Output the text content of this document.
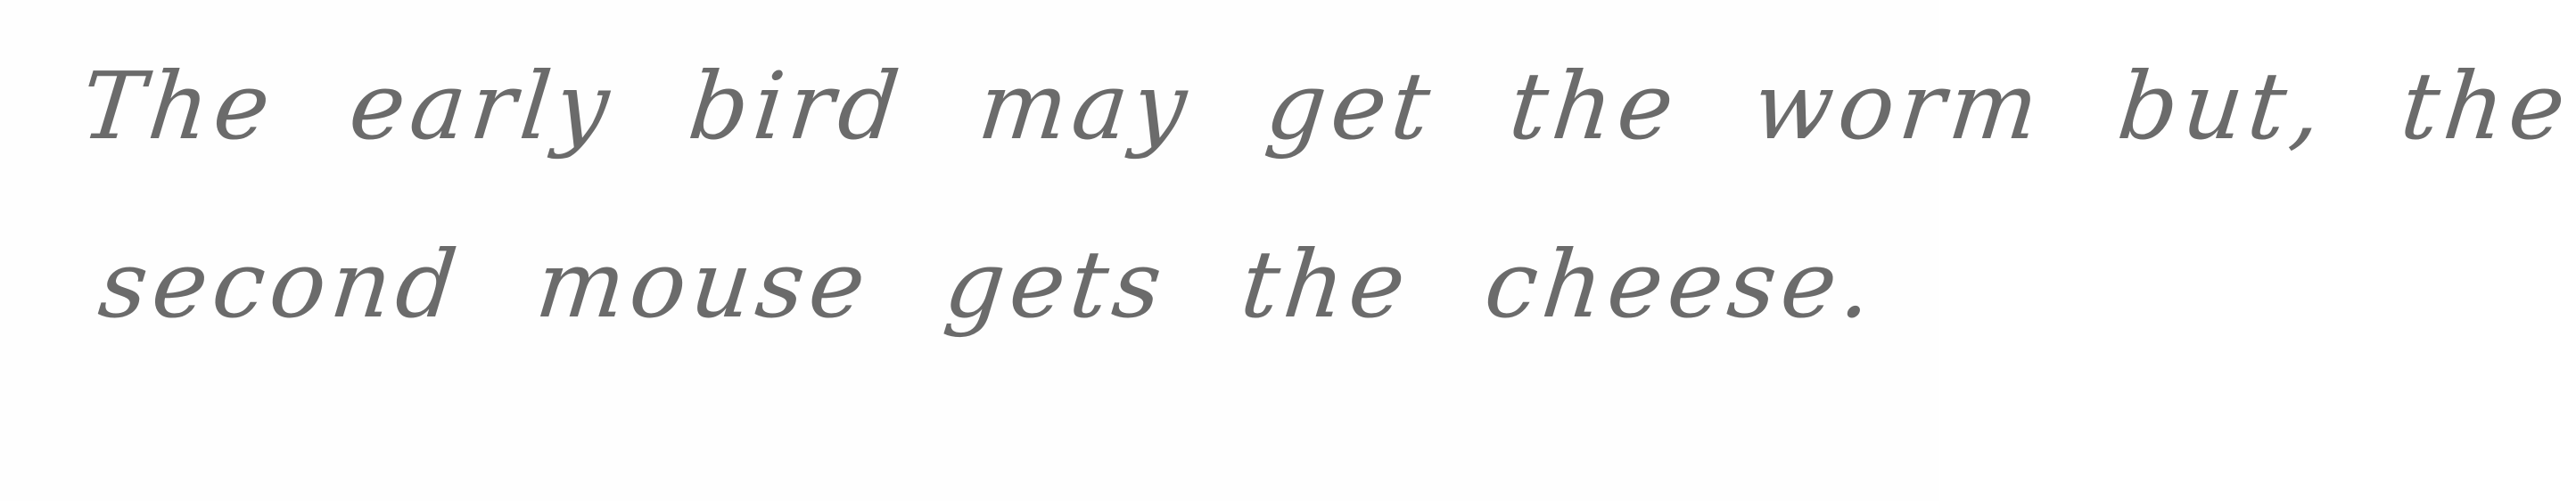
The early bird may get the worm but, the
second mouse gets the cheese.
